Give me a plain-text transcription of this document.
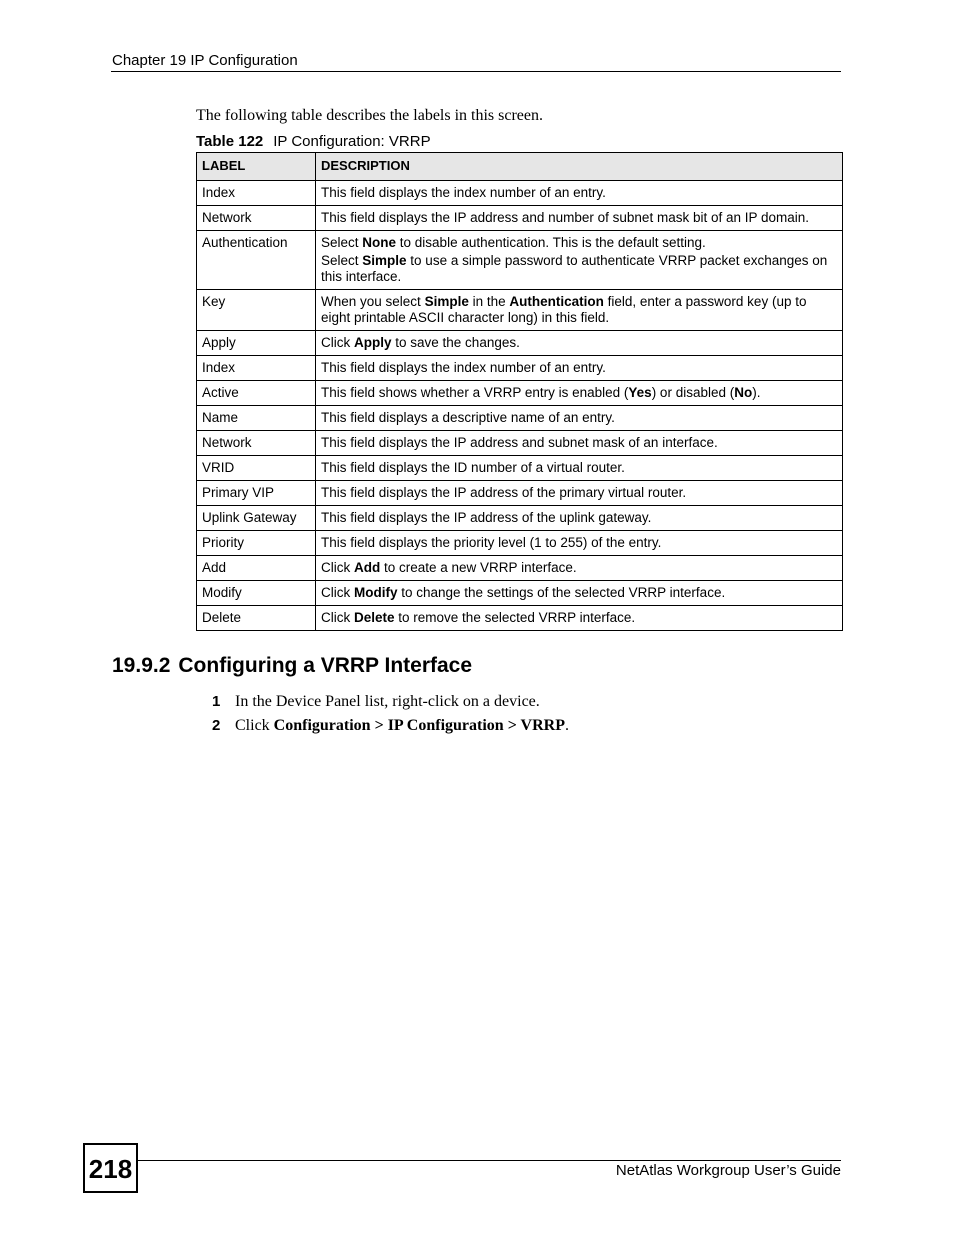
Chapter 19 IP Configuration
The following table describes the labels in this screen.
Table 122 IP Configuration: VRRP
LABEL	DESCRIPTION
Index	This field displays the index number of an entry.

Network	This field displays the IP address and number of subnet mask bit of an IP domain.

Authentication	Select None to disable authentication. This is the default setting.

Select Simple to use a simple password to authenticate VRRP packet exchanges on this interface.

Key	When you select Simple in the Authentication field, enter a password key (up to eight printable ASCII character long) in this field.

Apply	Click Apply to save the changes.

Index	This field displays the index number of an entry.

Active	This field shows whether a VRRP entry is enabled (Yes) or disabled (No).

Name	This field displays a descriptive name of an entry.

Network	This field displays the IP address and subnet mask of an interface.

VRID	This field displays the ID number of a virtual router.

Primary VIP	This field displays the IP address of the primary virtual router.

Uplink Gateway	This field displays the IP address of the uplink gateway.

Priority	This field displays the priority level (1 to 255) of the entry.

Add	Click Add to create a new VRRP interface.

Modify	Click Modify to change the settings of the selected VRRP interface.

Delete	Click Delete to remove the selected VRRP interface.

19.9.2 Configuring a VRRP Interface
1 In the Device Panel list, right-click on a device.
2 Click Configuration > IP Configuration > VRRP.
218	NetAtlas Workgroup User’s Guide
